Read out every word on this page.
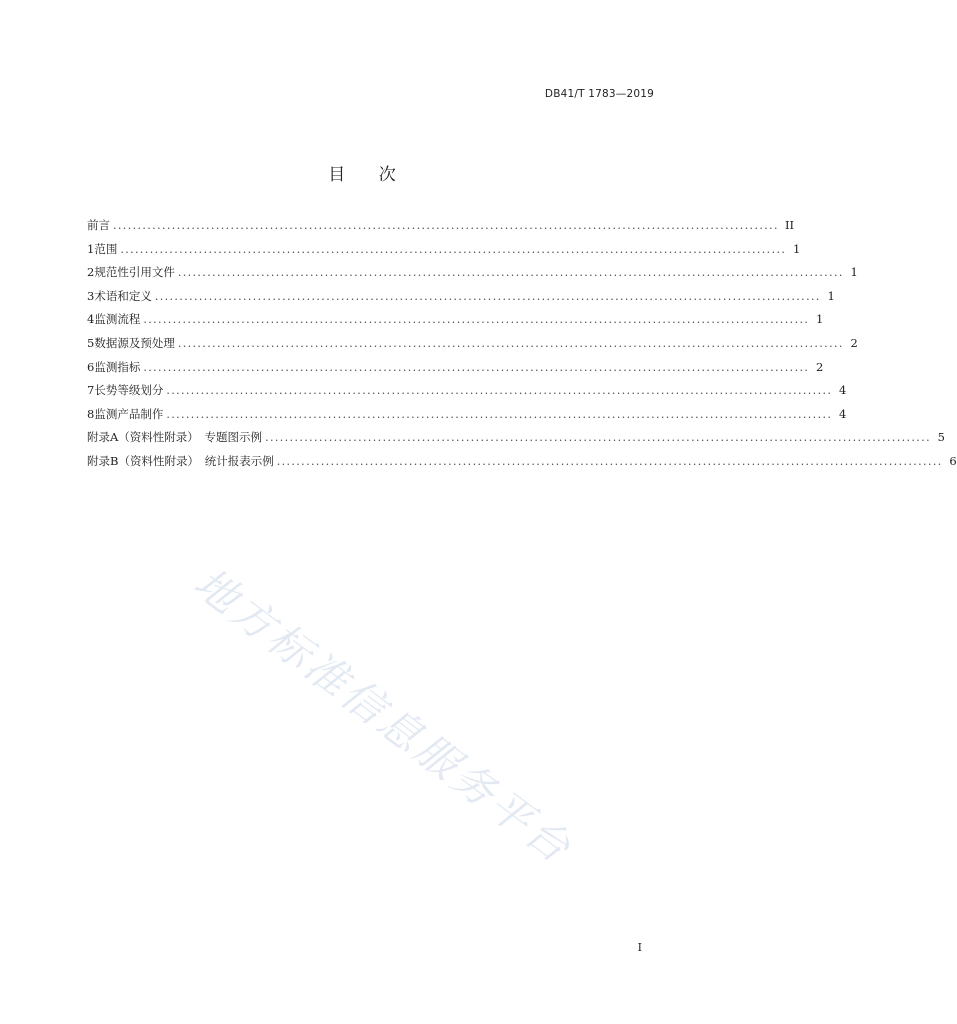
DB41/T 1783—2019
目 次
前言 ........................................................................................................................................ II
1 范围 ........................................................................................................................................ 1
2 规范性引用文件 ........................................................................................................................................ 1
3 术语和定义 ........................................................................................................................................ 1
4 监测流程 ........................................................................................................................................ 1
5 数据源及预处理 ........................................................................................................................................ 2
6 监测指标 ........................................................................................................................................ 2
7 长势等级划分 ........................................................................................................................................ 4
8 监测产品制作 ........................................................................................................................................ 4
附录A（资料性附录）　专题图示例 ........................................................................................................................................ 5
附录B（资料性附录）　统计报表示例 ........................................................................................................................................ 6
地方标准信息服务平台
I
